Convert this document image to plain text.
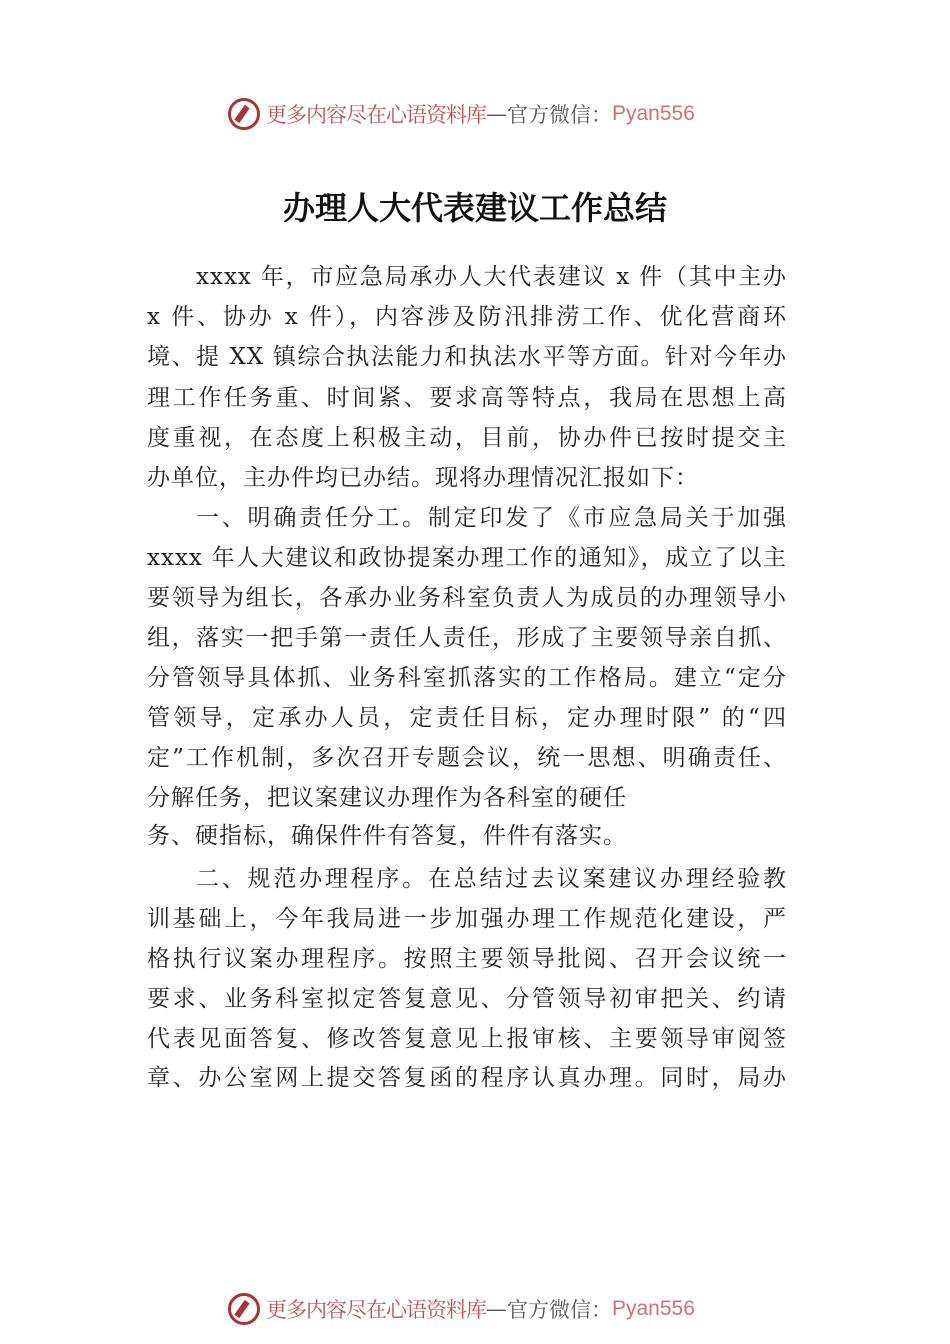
更多内容尽在心语资料库 — 官方微信： Pyan556
办理人大代表建议工作总结
xxxx 年，市应急局承办人大代表建议 x 件（其中主办
x 件、协办 x 件），内容涉及防汛排涝工作、优化营商环
境、提 XX 镇综合执法能力和执法水平等方面。针对今年办
理工作任务重、时间紧、要求高等特点，我局在思想上高
度重视，在态度上积极主动，目前，协办件已按时提交主
办单位，主办件均已办结。现将办理情况汇报如下：
一、明确责任分工。制定印发了《市应急局关于加强
xxxx 年人大建议和政协提案办理工作的通知》，成立了以主
要领导为组长，各承办业务科室负责人为成员的办理领导小
组，落实一把手第一责任人责任，形成了主要领导亲自抓、
分管领导具体抓、业务科室抓落实的工作格局。建立“定分
管领导，定承办人员，定责任目标，定办理时限” 的“四
定”工作机制，多次召开专题会议，统一思想、明确责任、
分解任务，把议案建议办理作为各科室的硬任
务、硬指标，确保件件有答复，件件有落实。
二、规范办理程序。在总结过去议案建议办理经验教
训基础上，今年我局进一步加强办理工作规范化建设，严
格执行议案办理程序。按照主要领导批阅、召开会议统一
要求、业务科室拟定答复意见、分管领导初审把关、约请
代表见面答复、修改答复意见上报审核、主要领导审阅签
章、办公室网上提交答复函的程序认真办理。同时，局办
更多内容尽在心语资料库 — 官方微信： Pyan556
